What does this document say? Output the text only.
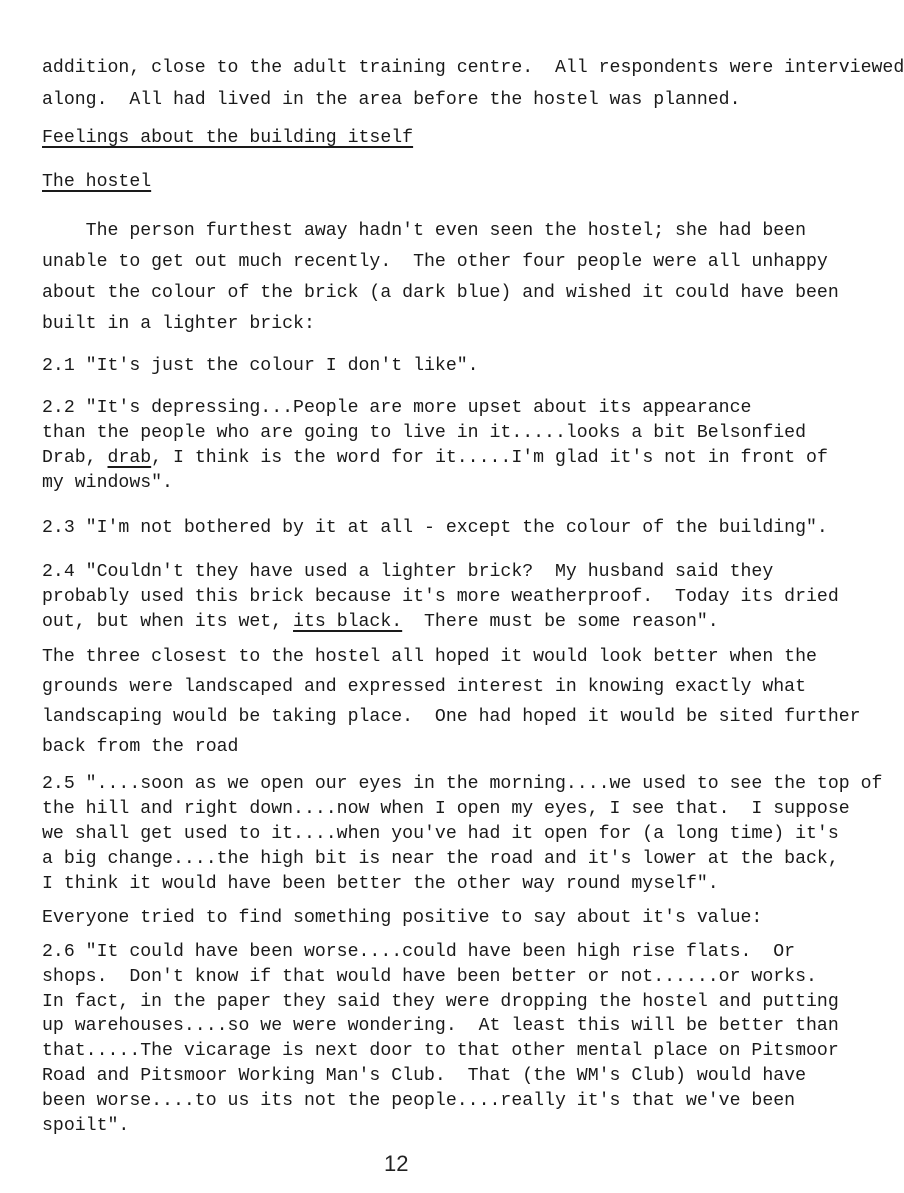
addition, close to the adult training centre.  All respondents were interviewed
along.  All had lived in the area before the hostel was planned.
Feelings about the building itself
The hostel
The person furthest away hadn't even seen the hostel; she had been
unable to get out much recently.  The other four people were all unhappy
about the colour of the brick (a dark blue) and wished it could have been
built in a lighter brick:
2.1 "It's just the colour I don't like".
2.2 "It's depressing...People are more upset about its appearance
than the people who are going to live in it.....looks a bit Belsonfied
Drab, drab, I think is the word for it.....I'm glad it's not in front of
my windows".
2.3 "I'm not bothered by it at all - except the colour of the building".
2.4 "Couldn't they have used a lighter brick?  My husband said they
probably used this brick because it's more weatherproof.  Today its dried
out, but when its wet, its black.  There must be some reason".
The three closest to the hostel all hoped it would look better when the
grounds were landscaped and expressed interest in knowing exactly what
landscaping would be taking place.  One had hoped it would be sited further
back from the road
2.5 "....soon as we open our eyes in the morning....we used to see the top of
the hill and right down....now when I open my eyes, I see that.  I suppose
we shall get used to it....when you've had it open for (a long time) it's
a big change....the high bit is near the road and it's lower at the back,
I think it would have been better the other way round myself".
Everyone tried to find something positive to say about it's value:
2.6 "It could have been worse....could have been high rise flats.  Or
shops.  Don't know if that would have been better or not......or works.
In fact, in the paper they said they were dropping the hostel and putting
up warehouses....so we were wondering.  At least this will be better than
that.....The vicarage is next door to that other mental place on Pitsmoor
Road and Pitsmoor Working Man's Club.  That (the WM's Club) would have
been worse....to us its not the people....really it's that we've been
spoilt".
12
